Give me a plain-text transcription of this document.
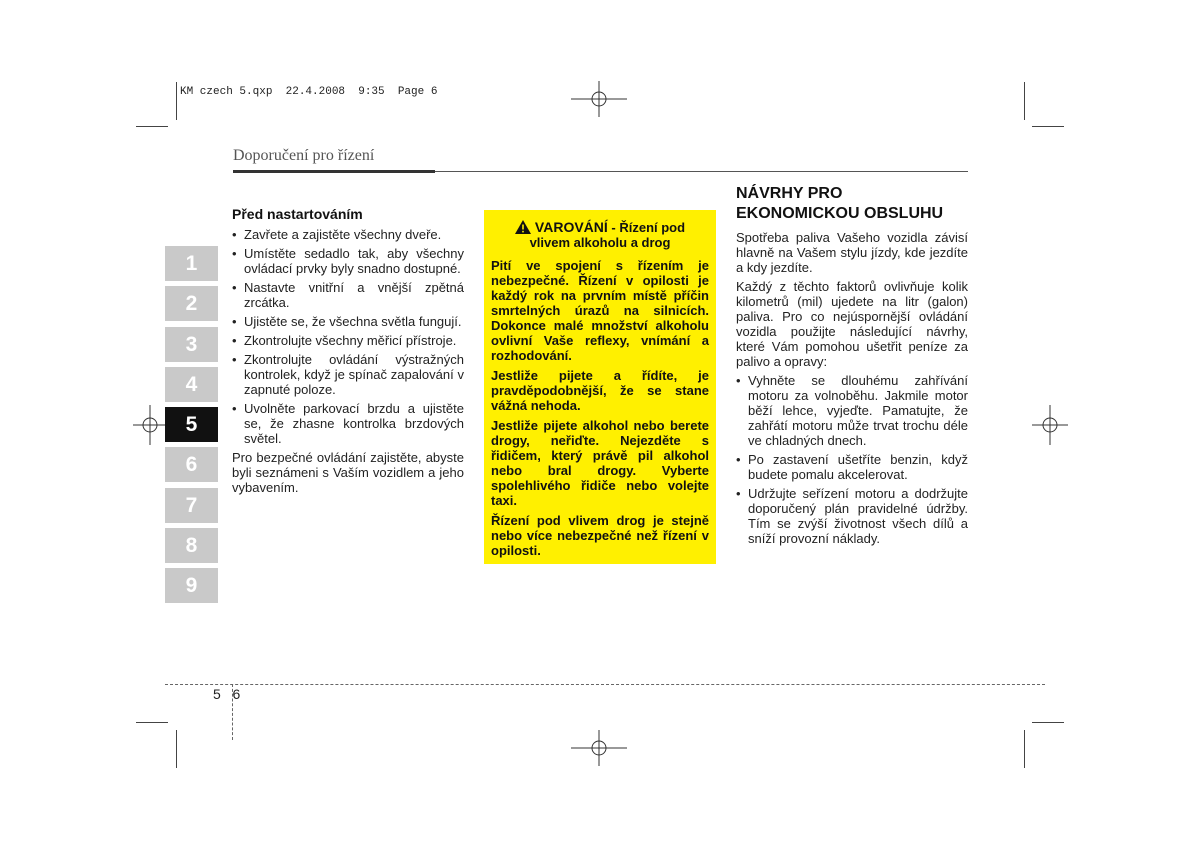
KM czech 5.qxp  22.4.2008  9:35  Page 6
Doporučení pro řízení
1
2
3
4
5
6
7
8
9
Před nastartováním
• Zavřete a zajistěte všechny dveře.
• Umístěte sedadlo tak, aby všechny ovládací prvky byly snadno dostupné.
• Nastavte vnitřní a vnější zpětná zrcátka.
• Ujistěte se, že všechna světla fungují.
• Zkontrolujte všechny měřicí přístroje.
• Zkontrolujte ovládání výstražných kontrolek, když je spínač zapalování v zapnuté poloze.
• Uvolněte parkovací brzdu a ujistěte se, že zhasne kontrolka brzdových světel.

Pro bezpečné ovládání zajistěte, abyste byli seznámeni s Vaším vozidlem a jeho vybavením.

VAROVÁNÍ - Řízení pod
vlivem alkoholu a drog

Pití ve spojení s řízením je nebezpečné. Řízení v opilosti je každý rok na prvním místě příčin smrtelných úrazů na silnicích. Dokonce malé množství alkoholu ovlivní Vaše reflexy, vnímání a rozhodování.

Jestliže pijete a řídíte, je pravděpodobnější, že se stane vážná nehoda.

Jestliže pijete alkohol nebo berete drogy, neřiďte. Nejezděte s řidičem, který právě pil alkohol nebo bral drogy. Vyberte spolehlivého řidiče nebo volejte taxi.

Řízení pod vlivem drog je stejně nebo více nebezpečné než řízení v opilosti.

NÁVRHY PRO
EKONOMICKOU OBSLUHU

Spotřeba paliva Vašeho vozidla závisí hlavně na Vašem stylu jízdy, kde jezdíte a kdy jezdíte.

Každý z těchto faktorů ovlivňuje kolik kilometrů (mil) ujedete na litr (galon) paliva. Pro co nejúspornější ovládání vozidla použijte následující návrhy, které Vám pomohou ušetřit peníze za palivo a opravy:

• Vyhněte se dlouhému zahřívání motoru za volnoběhu. Jakmile motor běží lehce, vyjeďte. Pamatujte, že zahřátí motoru může trvat trochu déle ve chladných dnech.
• Po zastavení ušetříte benzin, když budete pomalu akcelerovat.
• Udržujte seřízení motoru a dodržujte doporučený plán pravidelné údržby. Tím se zvýší životnost všech dílů a sníží provozní náklady.
5 6
